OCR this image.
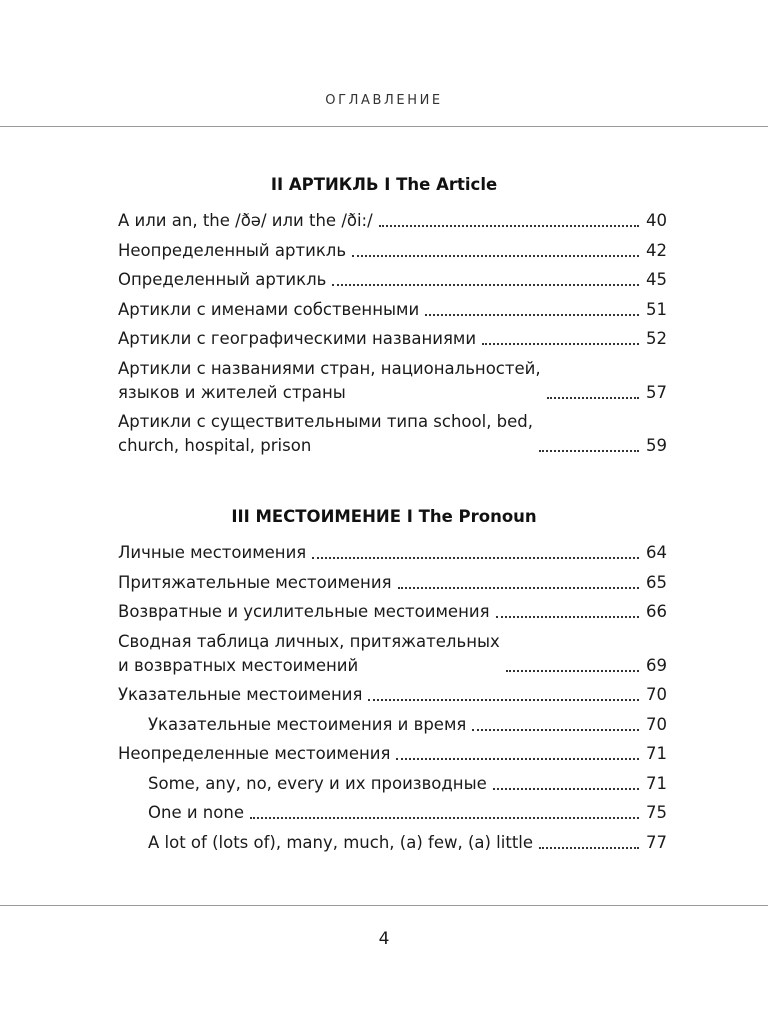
ОГЛАВЛЕНИЕ
II АРТИКЛЬ I The Article
A или an, the /ðə/ или the /ði:/	40
Неопределенный артикль	42
Определенный артикль	45
Артикли с именами собственными	51
Артикли с географическими названиями	52
Артикли с названиями стран, национальностей,
языков и жителей страны	57
Артикли с существительными типа school, bed,
church, hospital, prison	59
III МЕСТОИМЕНИЕ I The Pronoun
Личные местоимения	64
Притяжательные местоимения	65
Возвратные и усилительные местоимения	66
Сводная таблица личных, притяжательных
и возвратных местоимений	69
Указательные местоимения	70
Указательные местоимения и время	70
Неопределенные местоимения	71
Some, any, no, every и их производные	71
One и none	75
A lot of (lots of), many, much, (a) few, (a) little	77
4
